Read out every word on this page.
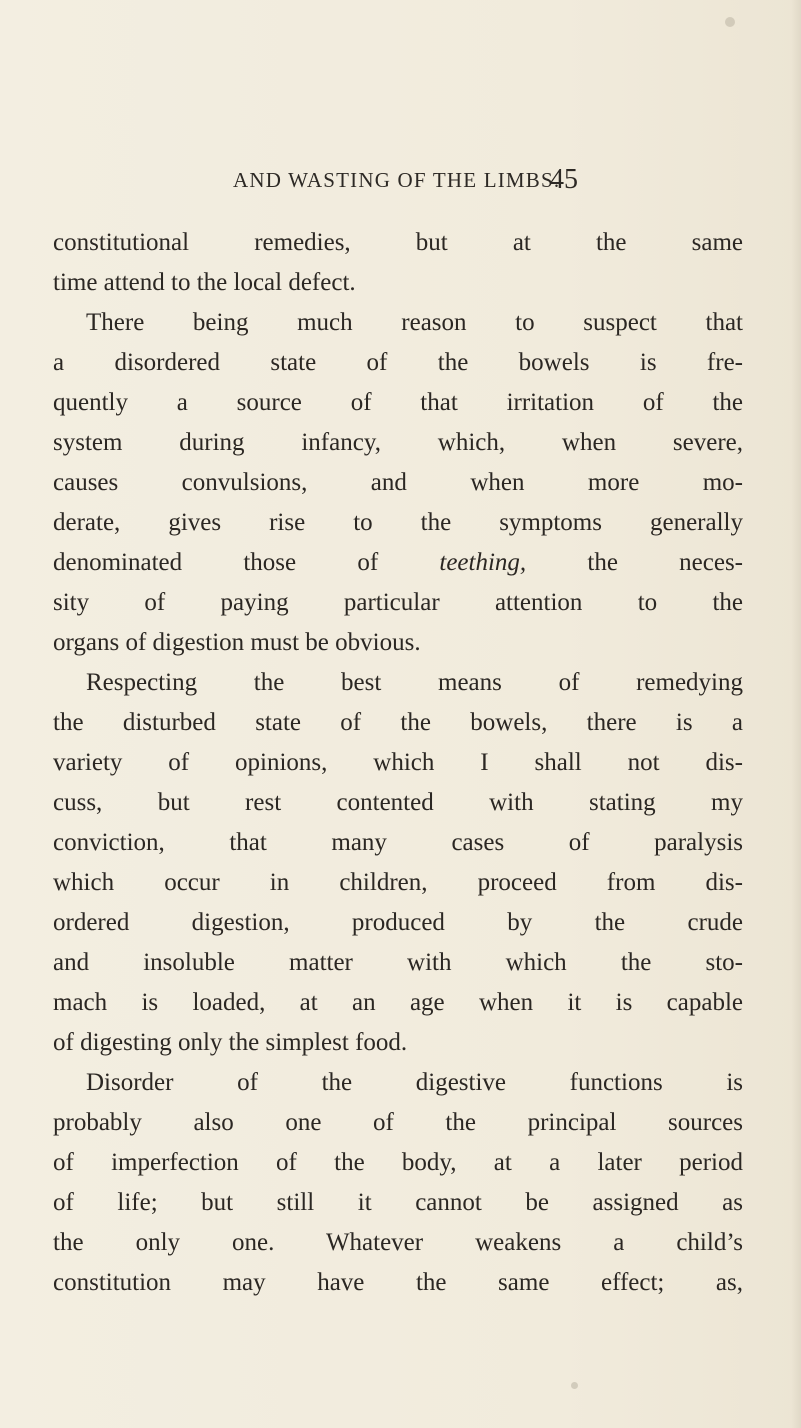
AND WASTING OF THE LIMBS.
45
constitutional remedies, but at the same
time attend to the local defect.
There being much reason to suspect that
a disordered state of the bowels is fre-
quently a source of that irritation of the
system during infancy, which, when severe,
causes convulsions, and when more mo-
derate, gives rise to the symptoms generally
denominated those of teething, the neces-
sity of paying particular attention to the
organs of digestion must be obvious.
Respecting the best means of remedying
the disturbed state of the bowels, there is a
variety of opinions, which I shall not dis-
cuss, but rest contented with stating my
conviction, that many cases of paralysis
which occur in children, proceed from dis-
ordered digestion, produced by the crude
and insoluble matter with which the sto-
mach is loaded, at an age when it is capable
of digesting only the simplest food.
Disorder of the digestive functions is
probably also one of the principal sources
of imperfection of the body, at a later period
of life; but still it cannot be assigned as
the only one. Whatever weakens a child’s
constitution may have the same effect; as,
